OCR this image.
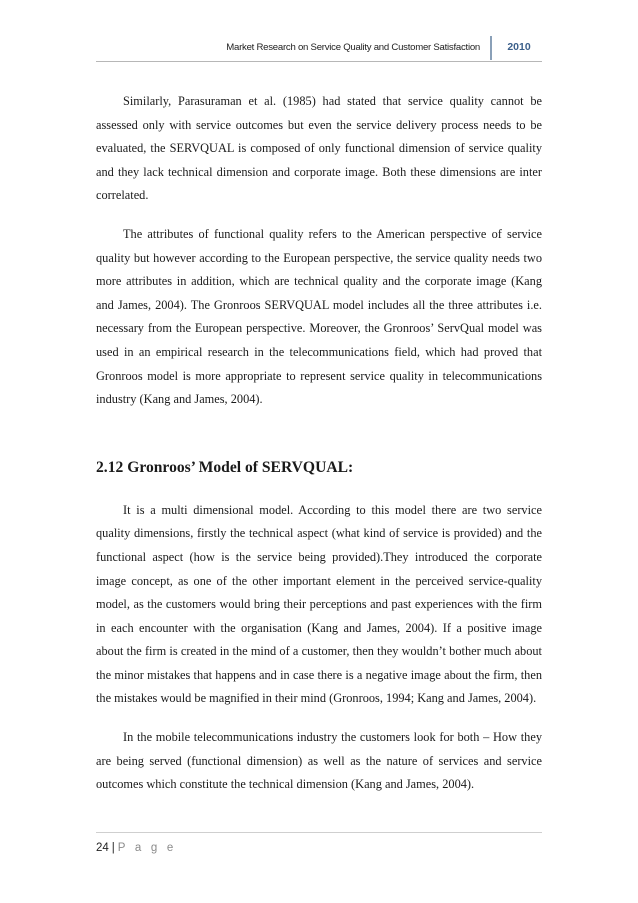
Market Research on Service Quality and Customer Satisfaction	2010

Similarly, Parasuraman et al. (1985) had stated that service quality cannot be assessed only with service outcomes but even the service delivery process needs to be evaluated, the SERVQUAL is composed of only functional dimension of service quality and they lack technical dimension and corporate image. Both these dimensions are inter correlated.

The attributes of functional quality refers to the American perspective of service quality but however according to the European perspective, the service quality needs two more attributes in addition, which are technical quality and the corporate image (Kang and James, 2004). The Gronroos SERVQUAL model includes all the three attributes i.e. necessary from the European perspective. Moreover, the Gronroos’ ServQual model was used in an empirical research in the telecommunications field, which had proved that Gronroos model is more appropriate to represent service quality in telecommunications industry (Kang and James, 2004).

2.12 Gronroos’ Model of SERVQUAL:

It is a multi dimensional model. According to this model there are two service quality dimensions, firstly the technical aspect (what kind of service is provided) and the functional aspect (how is the service being provided).They introduced the corporate image concept, as one of the other important element in the perceived service-quality model, as the customers would bring their perceptions and past experiences with the firm in each encounter with the organisation (Kang and James, 2004). If a positive image about the firm is created in the mind of a customer, then they wouldn’t bother much about the minor mistakes that happens and in case there is a negative image about the firm, then the mistakes would be magnified in their mind (Gronroos, 1994; Kang and James, 2004).

In the mobile telecommunications industry the customers look for both – How they are being served (functional dimension) as well as the nature of services and service outcomes which constitute the technical dimension (Kang and James, 2004).

24 | P a g e
